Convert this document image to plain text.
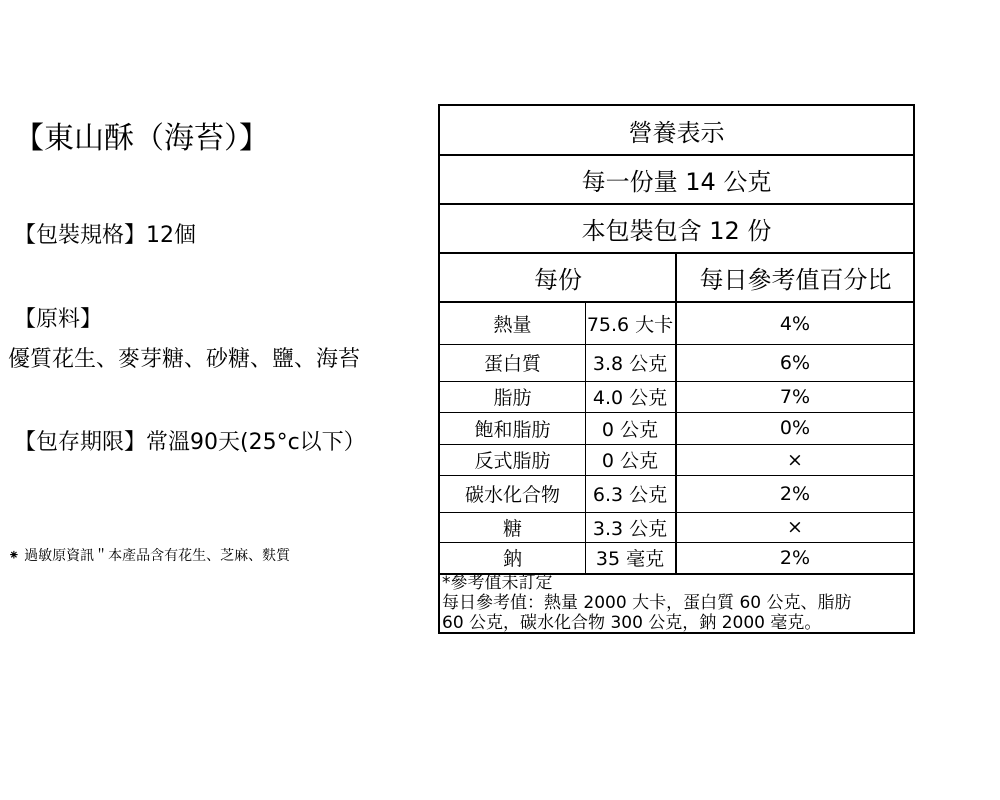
【東山酥（海苔）】
【包裝規格】12個
【原料】
優質花生、麥芽糖、砂糖、鹽、海苔
【包存期限】常溫90天(25°c以下）
⁕ 過敏原資訊＂本產品含有花生、芝麻、麩質
營養表示
每一份量 14 公克
本包裝包含 12 份
每份	每日參考值百分比
熱量	75.6 大卡	4%
蛋白質	3.8 公克	6%
脂肪	4.0 公克	7%
飽和脂肪	0 公克	0%
反式脂肪	0 公克	×
碳水化合物	6.3 公克	2%
糖	3.3 公克	×
鈉	35 毫克	2%
*參考值未訂定
每日參考值：熱量 2000 大卡，蛋白質 60 公克、脂肪
60 公克，碳水化合物 300 公克，鈉 2000 毫克。
